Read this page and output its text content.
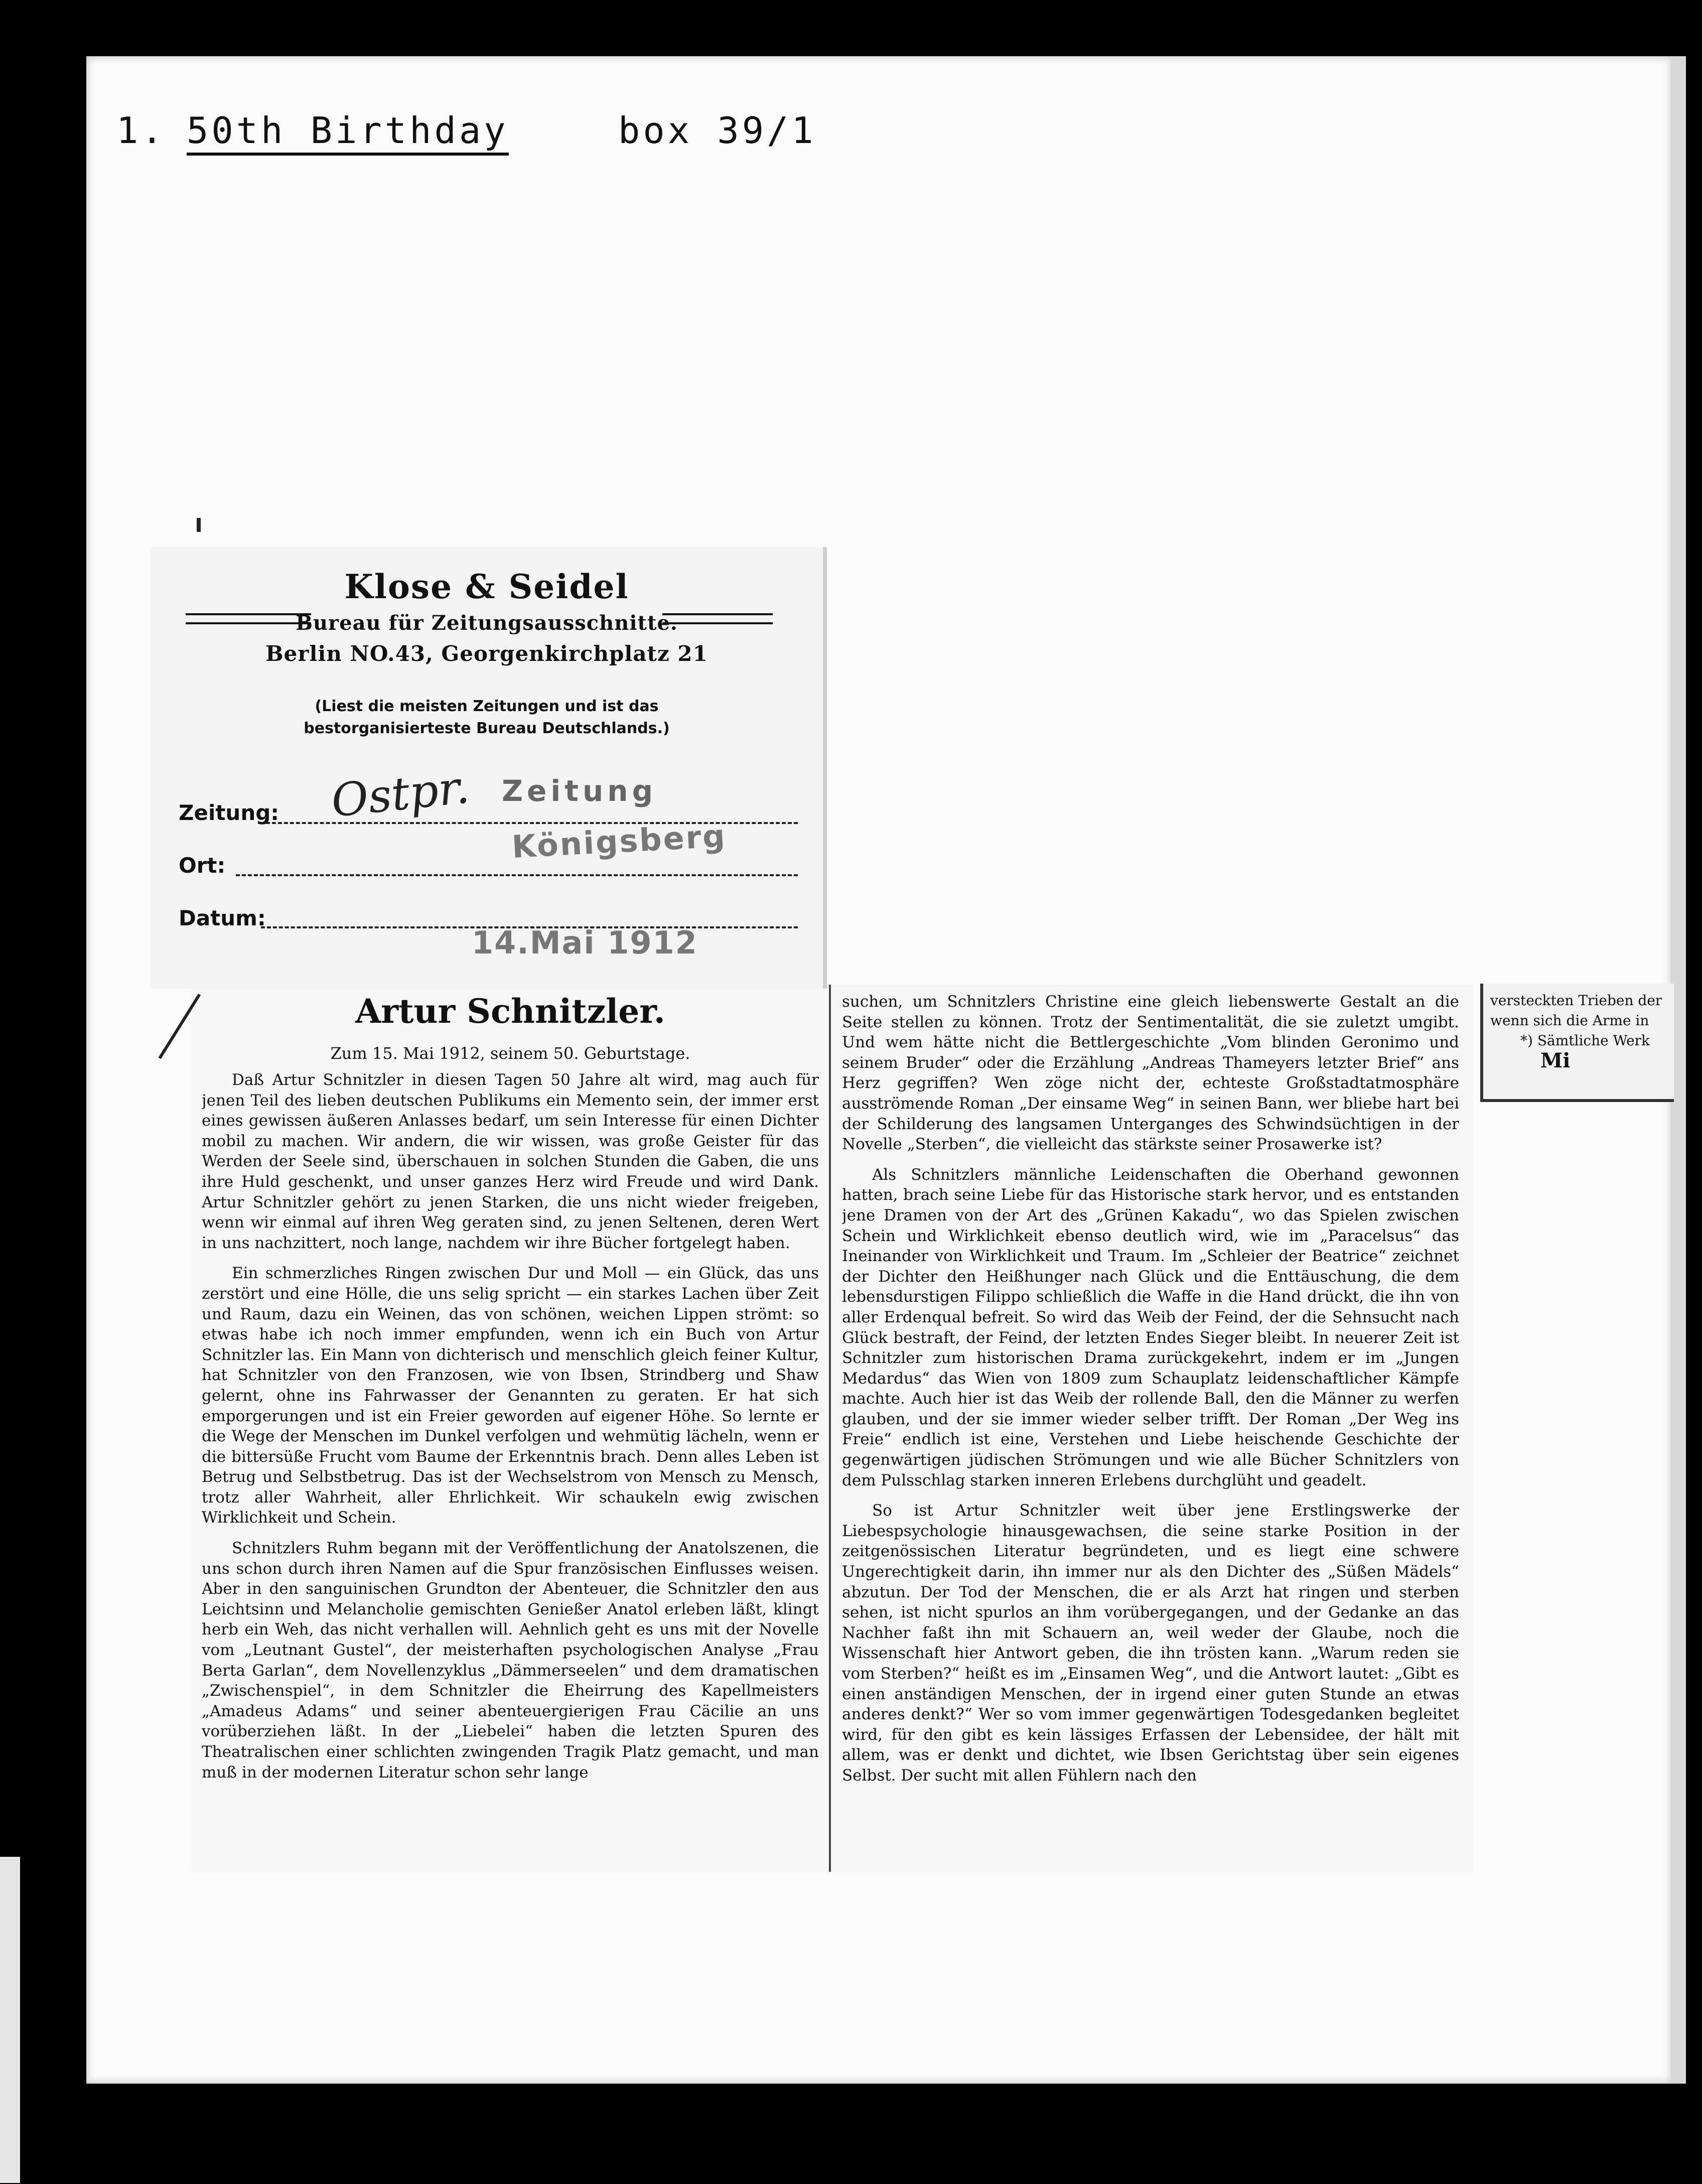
1. 50th Birthday	box 39/1
Klose & Seidel
Bureau für Zeitungsausschnitte.
Berlin NO.43, Georgenkirchplatz 21
(Liest die meisten Zeitungen und ist das
bestorganisierteste Bureau Deutschlands.)
Zeitung:
Ort:
Datum:
Ostpr. Zeitung
Königsberg
14.Mai 1912
Artur Schnitzler.
Zum 15. Mai 1912, seinem 50. Geburtstage.

Daß Artur Schnitzler in diesen Tagen 50 Jahre alt wird, mag auch für jenen Teil des lieben deutschen Publikums ein Memento sein, der immer erst eines gewissen äußeren Anlasses bedarf, um sein Interesse für einen Dichter mobil zu machen. Wir andern, die wir wissen, was große Geister für das Werden der Seele sind, überschauen in solchen Stunden die Gaben, die uns ihre Huld geschenkt, und unser ganzes Herz wird Freude und wird Dank. Artur Schnitzler gehört zu jenen Starken, die uns nicht wieder freigeben, wenn wir einmal auf ihren Weg geraten sind, zu jenen Seltenen, deren Wert in uns nachzittert, noch lange, nachdem wir ihre Bücher fortgelegt haben.

Ein schmerzliches Ringen zwischen Dur und Moll — ein Glück, das uns zerstört und eine Hölle, die uns selig spricht — ein starkes Lachen über Zeit und Raum, dazu ein Weinen, das von schönen, weichen Lippen strömt: so etwas habe ich noch immer empfunden, wenn ich ein Buch von Artur Schnitzler las. Ein Mann von dichterisch und menschlich gleich feiner Kultur, hat Schnitzler von den Franzosen, wie von Ibsen, Strindberg und Shaw gelernt, ohne ins Fahrwasser der Genannten zu geraten. Er hat sich emporgerungen und ist ein Freier geworden auf eigener Höhe. So lernte er die Wege der Menschen im Dunkel verfolgen und wehmütig lächeln, wenn er die bittersüße Frucht vom Baume der Erkenntnis brach. Denn alles Leben ist Betrug und Selbstbetrug. Das ist der Wechselstrom von Mensch zu Mensch, trotz aller Wahrheit, aller Ehrlichkeit. Wir schaukeln ewig zwischen Wirklichkeit und Schein.

Schnitzlers Ruhm begann mit der Veröffentlichung der Anatolszenen, die uns schon durch ihren Namen auf die Spur französischen Einflusses weisen. Aber in den sanguinischen Grundton der Abenteuer, die Schnitzler den aus Leichtsinn und Melancholie gemischten Genießer Anatol erleben läßt, klingt herb ein Weh, das nicht verhallen will. Aehnlich geht es uns mit der Novelle vom „Leutnant Gustel“, der meisterhaften psychologischen Analyse „Frau Berta Garlan“, dem Novellenzyklus „Dämmerseelen“ und dem dramatischen „Zwischenspiel“, in dem Schnitzler die Eheirrung des Kapellmeisters „Amadeus Adams“ und seiner abenteuergierigen Frau Cäcilie an uns vorüberziehen läßt. In der „Liebelei“ haben die letzten Spuren des Theatralischen einer schlichten zwingenden Tragik Platz gemacht, und man muß in der modernen Literatur schon sehr lange

suchen, um Schnitzlers Christine eine gleich liebenswerte Gestalt an die Seite stellen zu können. Trotz der Sentimentalität, die sie zuletzt umgibt. Und wem hätte nicht die Bettlergeschichte „Vom blinden Geronimo und seinem Bruder“ oder die Erzählung „Andreas Thameyers letzter Brief“ ans Herz gegriffen? Wen zöge nicht der, echteste Großstadtatmosphäre ausströmende Roman „Der einsame Weg“ in seinen Bann, wer bliebe hart bei der Schilderung des langsamen Unterganges des Schwindsüchtigen in der Novelle „Sterben“, die vielleicht das stärkste seiner Prosawerke ist?

Als Schnitzlers männliche Leidenschaften die Oberhand gewonnen hatten, brach seine Liebe für das Historische stark hervor, und es entstanden jene Dramen von der Art des „Grünen Kakadu“, wo das Spielen zwischen Schein und Wirklichkeit ebenso deutlich wird, wie im „Paracelsus“ das Ineinander von Wirklichkeit und Traum. Im „Schleier der Beatrice“ zeichnet der Dichter den Heißhunger nach Glück und die Enttäuschung, die dem lebensdurstigen Filippo schließlich die Waffe in die Hand drückt, die ihn von aller Erdenqual befreit. So wird das Weib der Feind, der die Sehnsucht nach Glück bestraft, der Feind, der letzten Endes Sieger bleibt. In neuerer Zeit ist Schnitzler zum historischen Drama zurückgekehrt, indem er im „Jungen Medardus“ das Wien von 1809 zum Schauplatz leidenschaftlicher Kämpfe machte. Auch hier ist das Weib der rollende Ball, den die Männer zu werfen glauben, und der sie immer wieder selber trifft. Der Roman „Der Weg ins Freie“ endlich ist eine, Verstehen und Liebe heischende Geschichte der gegenwärtigen jüdischen Strömungen und wie alle Bücher Schnitzlers von dem Pulsschlag starken inneren Erlebens durchglüht und geadelt.

So ist Artur Schnitzler weit über jene Erstlingswerke der Liebespsychologie hinausgewachsen, die seine starke Position in der zeitgenössischen Literatur begründeten, und es liegt eine schwere Ungerechtigkeit darin, ihn immer nur als den Dichter des „Süßen Mädels“ abzutun. Der Tod der Menschen, die er als Arzt hat ringen und sterben sehen, ist nicht spurlos an ihm vorübergegangen, und der Gedanke an das Nachher faßt ihn mit Schauern an, weil weder der Glaube, noch die Wissenschaft hier Antwort geben, die ihn trösten kann. „Warum reden sie vom Sterben?“ heißt es im „Einsamen Weg“, und die Antwort lautet: „Gibt es einen anständigen Menschen, der in irgend einer guten Stunde an etwas anderes denkt?“ Wer so vom immer gegenwärtigen Todesgedanken begleitet wird, für den gibt es kein lässiges Erfassen der Lebensidee, der hält mit allem, was er denkt und dichtet, wie Ibsen Gerichtstag über sein eigenes Selbst. Der sucht mit allen Fühlern nach den

versteckten Trieben der

wenn sich die Arme in

*) Sämtliche Werk

Mi
